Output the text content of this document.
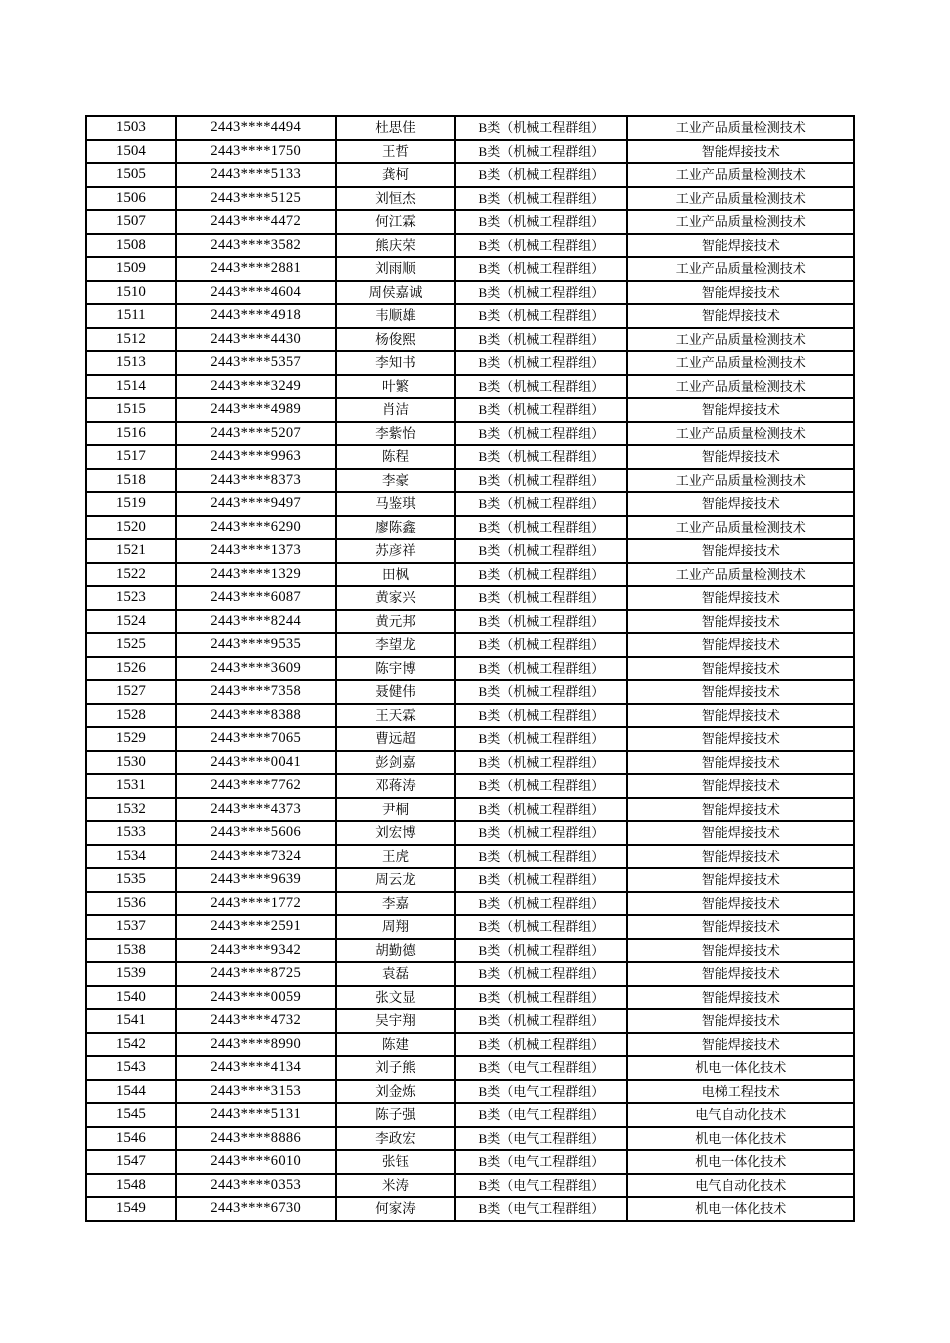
1503	2443****4494	杜思佳	B类（机械工程群组）	工业产品质量检测技术
1504	2443****1750	王哲	B类（机械工程群组）	智能焊接技术
1505	2443****5133	龚柯	B类（机械工程群组）	工业产品质量检测技术
1506	2443****5125	刘恒杰	B类（机械工程群组）	工业产品质量检测技术
1507	2443****4472	何江霖	B类（机械工程群组）	工业产品质量检测技术
1508	2443****3582	熊庆荣	B类（机械工程群组）	智能焊接技术
1509	2443****2881	刘雨顺	B类（机械工程群组）	工业产品质量检测技术
1510	2443****4604	周侯嘉诚	B类（机械工程群组）	智能焊接技术
1511	2443****4918	韦顺雄	B类（机械工程群组）	智能焊接技术
1512	2443****4430	杨俊熙	B类（机械工程群组）	工业产品质量检测技术
1513	2443****5357	李知书	B类（机械工程群组）	工业产品质量检测技术
1514	2443****3249	叶繁	B类（机械工程群组）	工业产品质量检测技术
1515	2443****4989	肖洁	B类（机械工程群组）	智能焊接技术
1516	2443****5207	李紫怡	B类（机械工程群组）	工业产品质量检测技术
1517	2443****9963	陈程	B类（机械工程群组）	智能焊接技术
1518	2443****8373	李豪	B类（机械工程群组）	工业产品质量检测技术
1519	2443****9497	马鉴琪	B类（机械工程群组）	智能焊接技术
1520	2443****6290	廖陈鑫	B类（机械工程群组）	工业产品质量检测技术
1521	2443****1373	苏彦祥	B类（机械工程群组）	智能焊接技术
1522	2443****1329	田枫	B类（机械工程群组）	工业产品质量检测技术
1523	2443****6087	黄家兴	B类（机械工程群组）	智能焊接技术
1524	2443****8244	黄元邦	B类（机械工程群组）	智能焊接技术
1525	2443****9535	李望龙	B类（机械工程群组）	智能焊接技术
1526	2443****3609	陈宇博	B类（机械工程群组）	智能焊接技术
1527	2443****7358	聂健伟	B类（机械工程群组）	智能焊接技术
1528	2443****8388	王天霖	B类（机械工程群组）	智能焊接技术
1529	2443****7065	曹远超	B类（机械工程群组）	智能焊接技术
1530	2443****0041	彭剑嘉	B类（机械工程群组）	智能焊接技术
1531	2443****7762	邓蒋涛	B类（机械工程群组）	智能焊接技术
1532	2443****4373	尹桐	B类（机械工程群组）	智能焊接技术
1533	2443****5606	刘宏博	B类（机械工程群组）	智能焊接技术
1534	2443****7324	王虎	B类（机械工程群组）	智能焊接技术
1535	2443****9639	周云龙	B类（机械工程群组）	智能焊接技术
1536	2443****1772	李嘉	B类（机械工程群组）	智能焊接技术
1537	2443****2591	周翔	B类（机械工程群组）	智能焊接技术
1538	2443****9342	胡勤德	B类（机械工程群组）	智能焊接技术
1539	2443****8725	袁磊	B类（机械工程群组）	智能焊接技术
1540	2443****0059	张文显	B类（机械工程群组）	智能焊接技术
1541	2443****4732	吴宇翔	B类（机械工程群组）	智能焊接技术
1542	2443****8990	陈建	B类（机械工程群组）	智能焊接技术
1543	2443****4134	刘子熊	B类（电气工程群组）	机电一体化技术
1544	2443****3153	刘金炼	B类（电气工程群组）	电梯工程技术
1545	2443****5131	陈子强	B类（电气工程群组）	电气自动化技术
1546	2443****8886	李政宏	B类（电气工程群组）	机电一体化技术
1547	2443****6010	张钰	B类（电气工程群组）	机电一体化技术
1548	2443****0353	米涛	B类（电气工程群组）	电气自动化技术
1549	2443****6730	何家涛	B类（电气工程群组）	机电一体化技术
